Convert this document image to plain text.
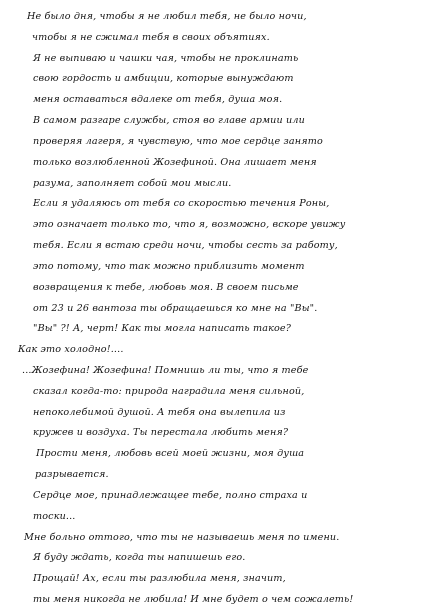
Не было дня, чтобы я не любил тебя, не было ночи,
чтобы я не сжимал тебя в своих объятиях.
Я не выпиваю и чашки чая, чтобы не проклинать
свою гордость и амбиции, которые вынуждают
меня оставаться вдалеке от тебя, душа моя.
В самом разгаре службы, стоя во главе армии или
проверяя лагеря, я чувствую, что мое сердце занято
только возлюбленной Жозефиной. Она лишает меня
разума, заполняет собой мои мысли.
Если я удаляюсь от тебя со скоростью течения Роны,
это означает только то, что я, возможно, вскоре увижу
тебя. Если я встаю среди ночи, чтобы сесть за работу,
это потому, что так можно приблизить момент
возвращения к тебе, любовь моя. В своем письме
от 23 и 26 вантоза ты обращаешься ко мне на "Вы".
"Вы" ?! А, черт! Как ты могла написать такое?
Как это холодно!....
...Жозефина! Жозефина! Помнишь ли ты, что я тебе
сказал когда-то: природа наградила меня сильной,
непоколебимой душой. А тебя она вылепила из
кружев и воздуха. Ты перестала любить меня?
Прости меня, любовь всей моей жизни, моя душа
разрывается.
Сердце мое, принадлежащее тебе, полно страха и
тоски...
Мне больно оттого, что ты не называешь меня по имени.
Я буду ждать, когда ты напишешь его.
Прощай! Ах, если ты разлюбила меня, значит,
ты меня никогда не любила! И мне будет о чем сожалеть!
